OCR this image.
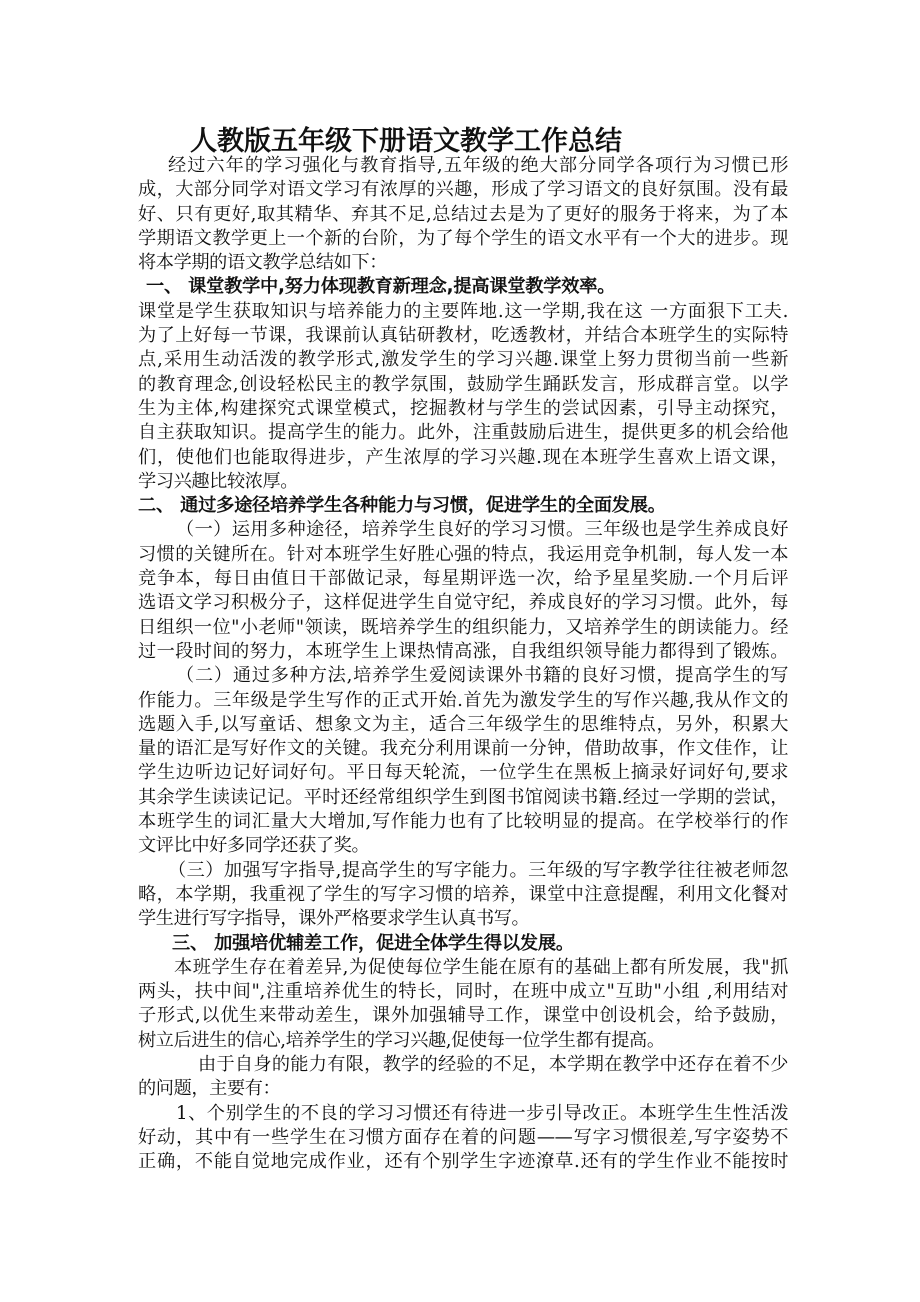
人教版五年级下册语文教学工作总结
经过六年的学习强化与教育指导,五年级的绝大部分同学各项行为习惯已形
成，大部分同学对语文学习有浓厚的兴趣，形成了学习语文的良好氛围。没有最
好、只有更好,取其精华、弃其不足,总结过去是为了更好的服务于将来，为了本
学期语文教学更上一个新的台阶，为了每个学生的语文水平有一个大的进步。现
将本学期的语文教学总结如下：
一、 课堂教学中,努力体现教育新理念,提高课堂教学效率。
课堂是学生获取知识与培养能力的主要阵地.这一学期,我在这 一方面狠下工夫.
为了上好每一节课，我课前认真钻研教材，吃透教材，并结合本班学生的实际特
点,采用生动活泼的教学形式,激发学生的学习兴趣.课堂上努力贯彻当前一些新
的教育理念,创设轻松民主的教学氛围，鼓励学生踊跃发言，形成群言堂。以学
生为主体,构建探究式课堂模式，挖掘教材与学生的尝试因素，引导主动探究，
自主获取知识。提高学生的能力。此外，注重鼓励后进生，提供更多的机会给他
们，使他们也能取得进步，产生浓厚的学习兴趣.现在本班学生喜欢上语文课，
学习兴趣比较浓厚。
二、 通过多途径培养学生各种能力与习惯，促进学生的全面发展。
（一）运用多种途径，培养学生良好的学习习惯。三年级也是学生养成良好
习惯的关键所在。针对本班学生好胜心强的特点，我运用竞争机制，每人发一本
竞争本，每日由值日干部做记录，每星期评选一次，给予星星奖励.一个月后评
选语文学习积极分子，这样促进学生自觉守纪，养成良好的学习习惯。此外，每
日组织一位"小老师"领读，既培养学生的组织能力，又培养学生的朗读能力。经
过一段时间的努力，本班学生上课热情高涨，自我组织领导能力都得到了锻炼。
（二）通过多种方法,培养学生爱阅读课外书籍的良好习惯，提高学生的写
作能力。三年级是学生写作的正式开始.首先为激发学生的写作兴趣,我从作文的
选题入手,以写童话、想象文为主，适合三年级学生的思维特点，另外，积累大
量的语汇是写好作文的关键。我充分利用课前一分钟，借助故事，作文佳作，让
学生边听边记好词好句。平日每天轮流，一位学生在黑板上摘录好词好句,要求
其余学生读读记记。平时还经常组织学生到图书馆阅读书籍.经过一学期的尝试，
本班学生的词汇量大大增加,写作能力也有了比较明显的提高。在学校举行的作
文评比中好多同学还获了奖。
（三）加强写字指导,提高学生的写字能力。三年级的写字教学往往被老师忽
略，本学期，我重视了学生的写字习惯的培养，课堂中注意提醒，利用文化餐对
学生进行写字指导，课外严格要求学生认真书写。
三、 加强培优辅差工作，促进全体学生得以发展。
本班学生存在着差异,为促使每位学生能在原有的基础上都有所发展，我"抓
两头，扶中间",注重培养优生的特长，同时，在班中成立"互助"小组 ,利用结对
子形式,以优生来带动差生，课外加强辅导工作，课堂中创设机会，给予鼓励，
树立后进生的信心,培养学生的学习兴趣,促使每一位学生都有提高。
由于自身的能力有限，教学的经验的不足，本学期在教学中还存在着不少
的问题，主要有：
1、个别学生的不良的学习习惯还有待进一步引导改正。本班学生生性活泼
好动，其中有一些学生在习惯方面存在着的问题——写字习惯很差,写字姿势不
正确，不能自觉地完成作业，还有个别学生字迹潦草.还有的学生作业不能按时
